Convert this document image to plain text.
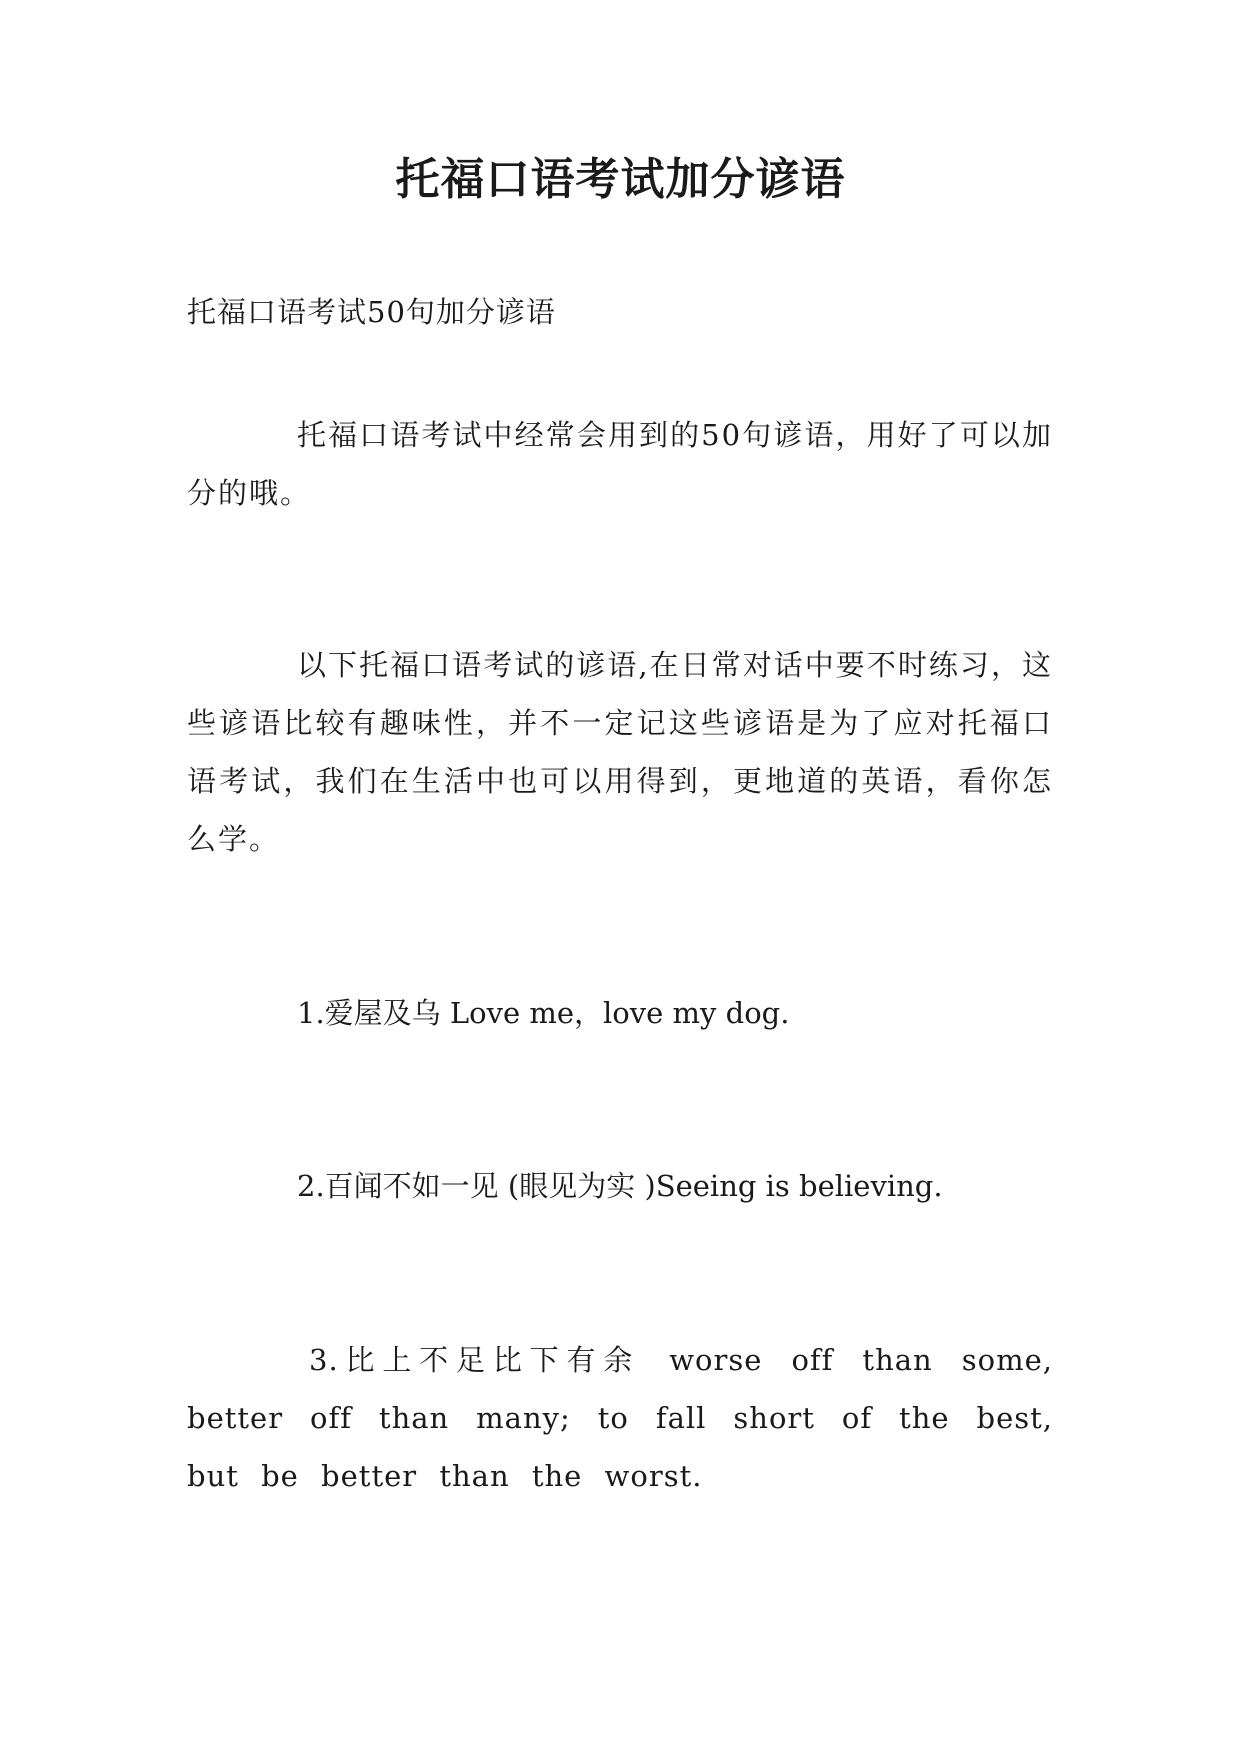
托福口语考试加分谚语
托福口语考试50句加分谚语
托福口语考试中经常会用到的50句谚语，用好了可以加分的哦。
以下托福口语考试的谚语,在日常对话中要不时练习，这些谚语比较有趣味性，并不一定记这些谚语是为了应对托福口语考试，我们在生活中也可以用得到，更地道的英语，看你怎么学。
1.爱屋及乌 Love me，love my dog.
2.百闻不如一见 (眼见为实 )Seeing is believing.
3.比上不足比下有余 worse off than some, better off than many; to fall short of the best, but be better than the worst.
